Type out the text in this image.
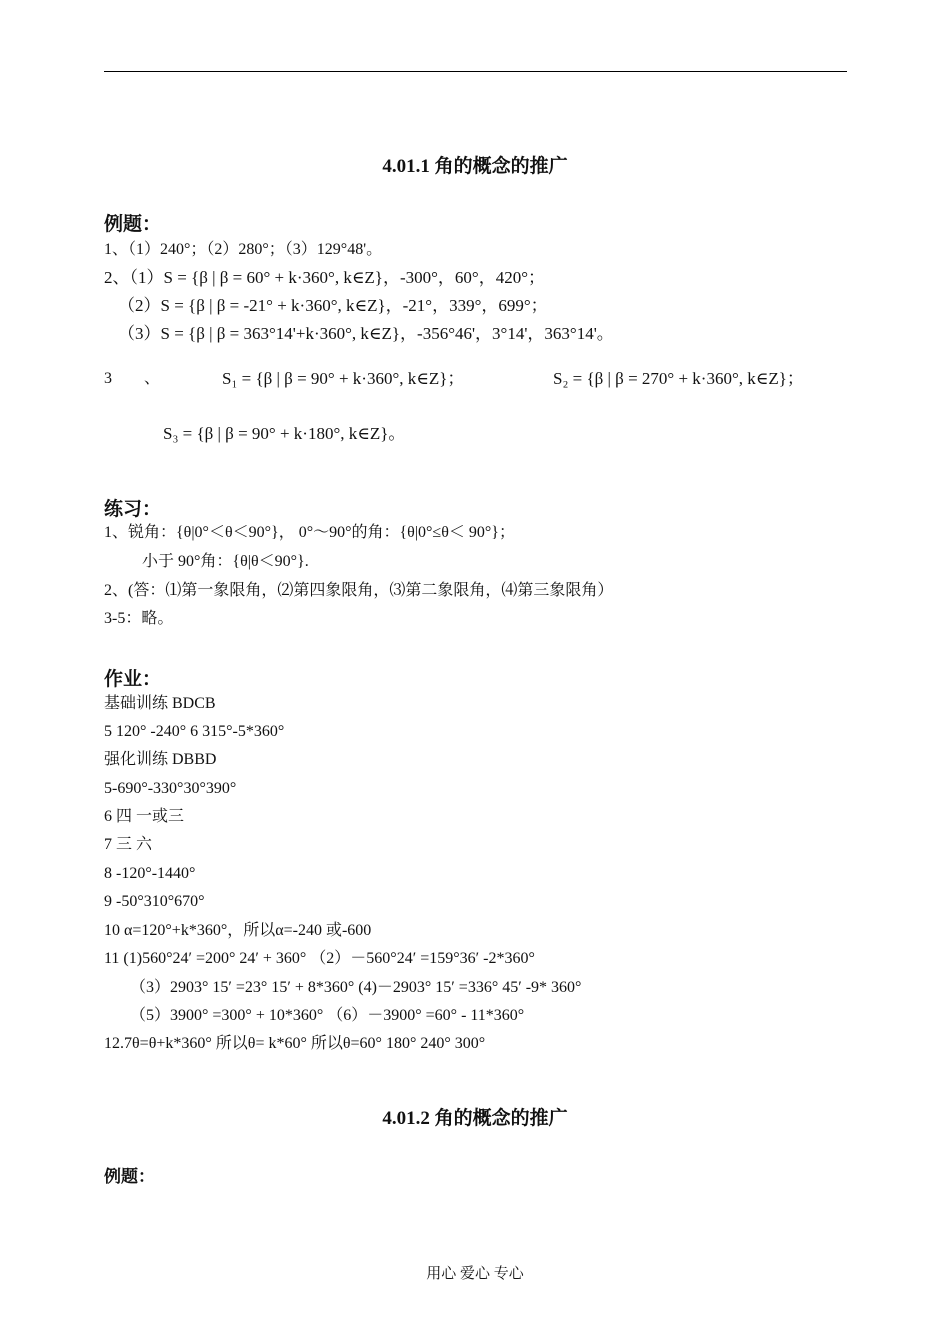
4.01.1 角的概念的推广
例题：
1、（1）240°；（2）280°；（3）129°48'。
2、（1）S = {β | β = 60° + k·360°, k∈Z}，-300°，60°，420°；
（2）S = {β | β = -21° + k·360°, k∈Z}，-21°，339°，699°；
（3）S = {β | β = 363°14'+k·360°, k∈Z}，-356°46'，3°14'，363°14'。
3　　、	S₁ = {β | β = 90° + k·360°, k∈Z}；	S₂ = {β | β = 270° + k·360°, k∈Z}；
S₃ = {β | β = 90° + k·180°, k∈Z}。
练习：
1、锐角：{θ|0°＜θ＜90°}， 0°～90°的角：{θ|0°≤θ＜ 90°}；
小于 90°角：{θ|θ＜90°}.
2、(答：⑴第一象限角，⑵第四象限角，⑶第二象限角，⑷第三象限角）
3-5：略。
作业：
基础训练 BDCB
5 120° -240° 6 315°-5*360°
强化训练 DBBD
5-690°-330°30°390°
6 四 一或三
7 三 六
8 -120°-1440°
9 -50°310°670°
10 α=120°+k*360°，所以α=-240 或-600
11 (1)560°24′ =200° 24′ + 360° （2）－560°24′ =159°36′ -2*360°
（3）2903° 15′ =23° 15′ + 8*360° (4)－2903° 15′ =336° 45′ -9* 360°
（5）3900° =300° + 10*360° （6）－3900° =60° - 11*360°
12.7θ=θ+k*360° 所以θ= k*60° 所以θ=60° 180° 240° 300°
4.01.2 角的概念的推广
例题：
用心 爱心 专心
